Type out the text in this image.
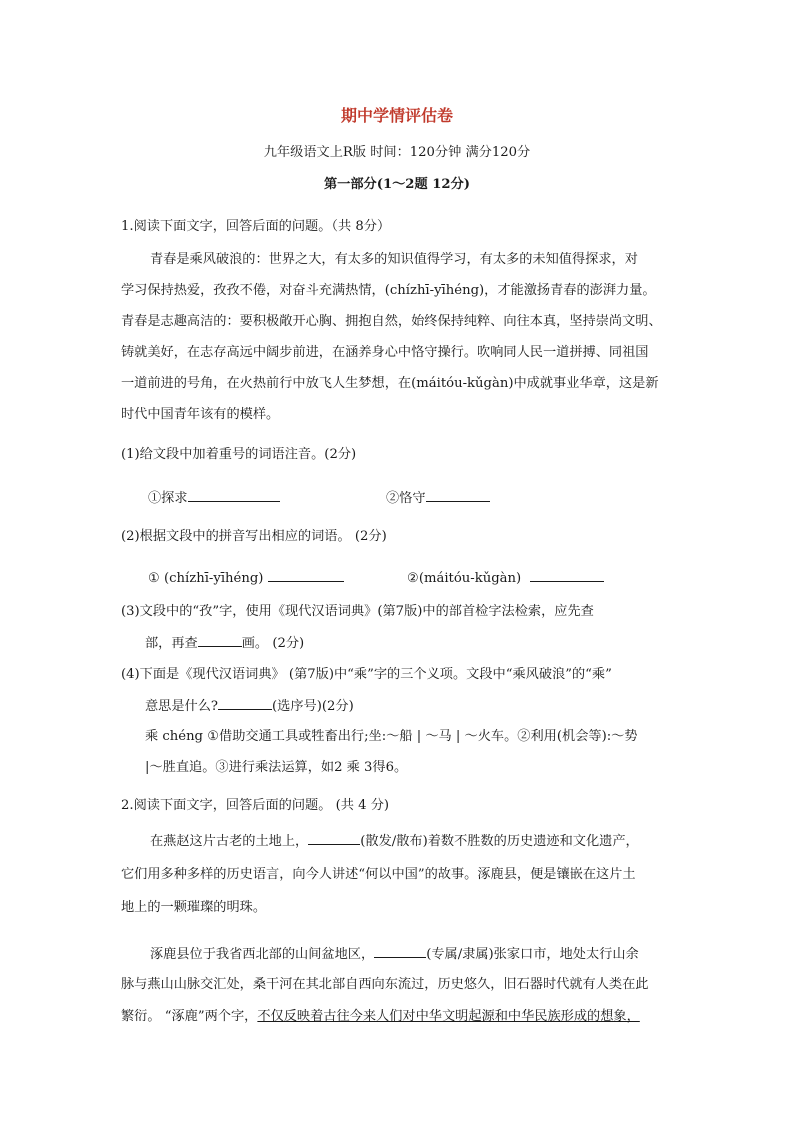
期中学情评估卷
九年级语文上R版 时间：120分钟 满分120分
第一部分(1～2题 12分)
1.阅读下面文字，回答后面的问题。（共 8分）
青春是乘风破浪的：世界之大，有太多的知识值得学习，有太多的未知值得探求，对
学习保持热爱，孜孜不倦，对奋斗充满热情，(chízhī-yīhéng)，才能激扬青春的澎湃力量。
青春是志趣高洁的：要积极敞开心胸、拥抱自然，始终保持纯粹、向往本真，坚持崇尚文明、
铸就美好，在志存高远中阔步前进，在涵养身心中恪守操行。吹响同人民一道拼搏、同祖国
一道前进的号角，在火热前行中放飞人生梦想，在(máitóu-kǔgàn)中成就事业华章，这是新
时代中国青年该有的模样。
(1)给文段中加着重号的词语注音。(2分)
①探求	②恪守
(2)根据文段中的拼音写出相应的词语。 (2分)
① (chízhī-yīhéng)	②(máitóu-kǔgàn)
(3)文段中的“孜”字，使用《现代汉语词典》(第7版)中的部首检字法检索，应先查
部，再查	画。 (2分)
(4)下面是《现代汉语词典》 (第7版)中“乘”字的三个义项。文段中“乘风破浪”的“乘”
意思是什么?	(选序号)(2分)
乘 chéng ①借助交通工具或牲畜出行;坐:～船 | ～马 | ～火车。②利用(机会等):～势
|～胜直追。③进行乘法运算，如2 乘 3得6。
2.阅读下面文字，回答后面的问题。 (共 4 分)
在燕赵这片古老的土地上，	(散发/散布)着数不胜数的历史遗迹和文化遗产，
它们用多种多样的历史语言，向今人讲述“何以中国”的故事。涿鹿县，便是镶嵌在这片土
地上的一颗璀璨的明珠。
涿鹿县位于我省西北部的山间盆地区，	(专属/隶属)张家口市，地处太行山余
脉与燕山山脉交汇处，桑干河在其北部自西向东流过，历史悠久，旧石器时代就有人类在此
繁衍。 “涿鹿”两个字，不仅反映着古往今来人们对中华文明起源和中华民族形成的想象，
